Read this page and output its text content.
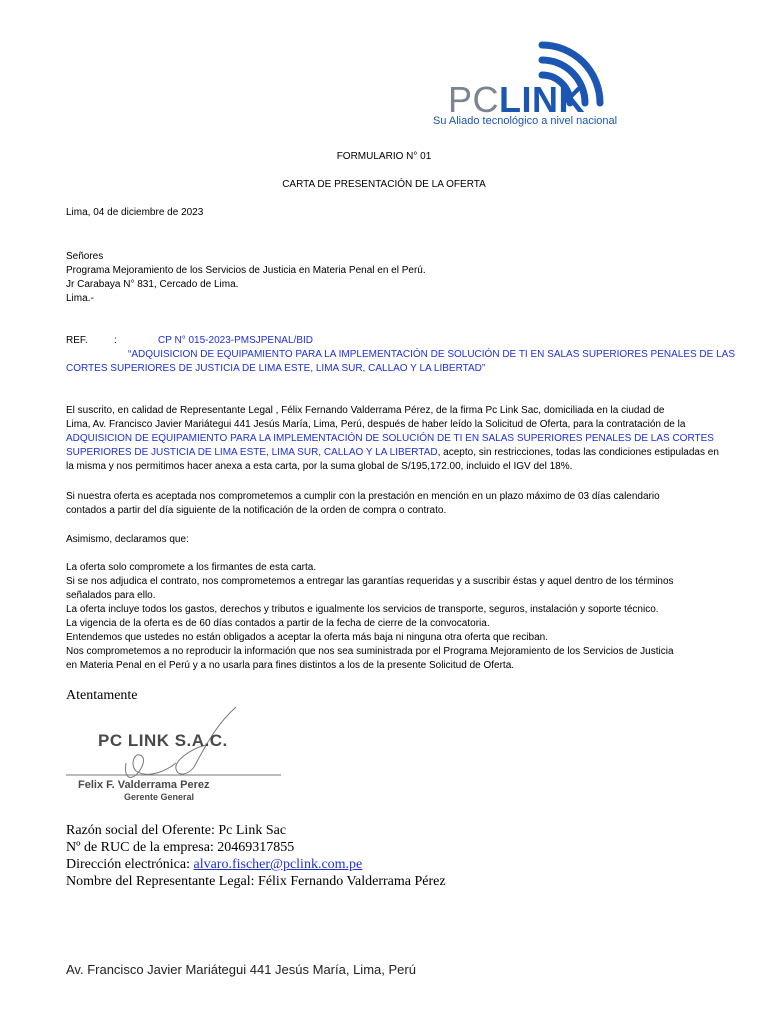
PCLINK
Su Aliado tecnológico a nivel nacional
FORMULARIO N° 01
CARTA DE PRESENTACIÓN DE LA OFERTA
Lima, 04 de diciembre de 2023
Señores
Programa Mejoramiento de los Servicios de Justicia en Materia Penal en el Perú.
Jr Carabaya N° 831, Cercado de Lima.
Lima.-
REF.	:	CP N° 015-2023-PMSJPENAL/BID
“ADQUISICION DE EQUIPAMIENTO PARA LA IMPLEMENTACIÓN DE SOLUCIÓN DE TI EN SALAS SUPERIORES PENALES DE LAS
CORTES SUPERIORES DE JUSTICIA DE LIMA ESTE, LIMA SUR, CALLAO Y LA LIBERTAD”
El suscrito, en calidad de Representante Legal , Félix Fernando Valderrama Pérez, de la firma Pc Link Sac, domiciliada en la ciudad de
Lima, Av. Francisco Javier Mariátegui 441 Jesús María, Lima, Perú, después de haber leído la Solicitud de Oferta, para la contratación de la
ADQUISICION DE EQUIPAMIENTO PARA LA IMPLEMENTACIÓN DE SOLUCIÓN DE TI EN SALAS SUPERIORES PENALES DE LAS CORTES
SUPERIORES DE JUSTICIA DE LIMA ESTE, LIMA SUR, CALLAO Y LA LIBERTAD, acepto, sin restricciones, todas las condiciones estipuladas en
la misma y nos permitimos hacer anexa a esta carta, por la suma global de S/195,172.00, incluido el IGV del 18%.
Si nuestra oferta es aceptada nos comprometemos a cumplir con la prestación en mención en un plazo máximo de 03 días calendario
contados a partir del día siguiente de la notificación de la orden de compra o contrato.
Asimismo, declaramos que:
La oferta solo compromete a los firmantes de esta carta.
Si se nos adjudica el contrato, nos comprometemos a entregar las garantías requeridas y a suscribir éstas y aquel dentro de los términos
señalados para ello.
La oferta incluye todos los gastos, derechos y tributos e igualmente los servicios de transporte, seguros, instalación y soporte técnico.
La vigencia de la oferta es de 60 días contados a partir de la fecha de cierre de la convocatoria.
Entendemos que ustedes no están obligados a aceptar la oferta más baja ni ninguna otra oferta que reciban.
Nos comprometemos a no reproducir la información que nos sea suministrada por el Programa Mejoramiento de los Servicios de Justicia
en Materia Penal en el Perú y a no usarla para fines distintos a los de la presente Solicitud de Oferta.
Atentamente
PC LINK S.A.C.
Felix F. Valderrama Perez
Gerente General
Razón social del Oferente: Pc Link Sac
Nº de RUC de la empresa: 20469317855
Dirección electrónica: alvaro.fischer@pclink.com.pe
Nombre del Representante Legal: Félix Fernando Valderrama Pérez
Av. Francisco Javier Mariátegui 441 Jesús María, Lima, Perú
